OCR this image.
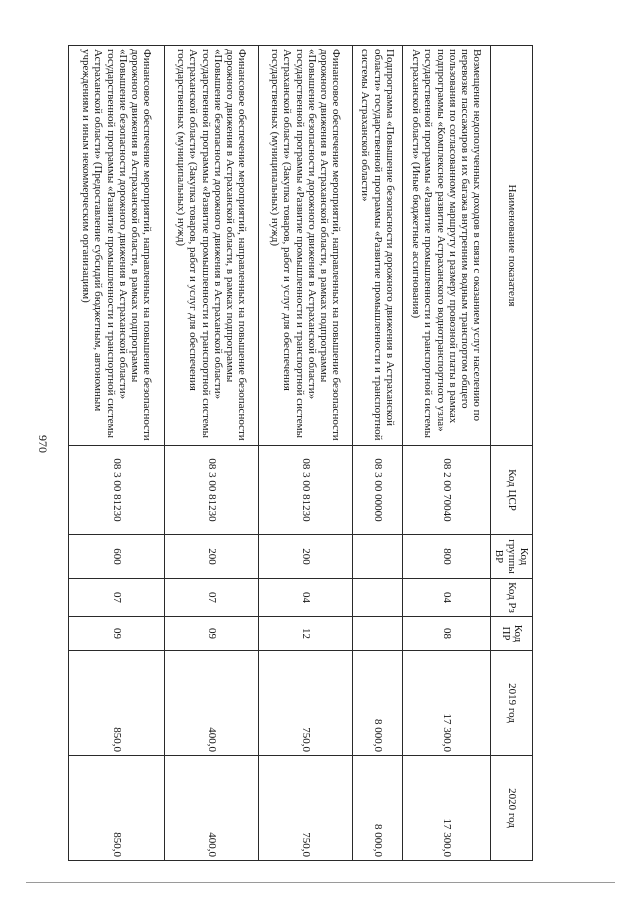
970
Наименование показателя	Код ЦСР	Код группы ВР	Код Рз	Код ПР	2019 год	2020 год
Возмещение недополученных доходов в связи с оказанием услуг населению по перевозке пассажиров и их багажа внутренним водным транспортом общего пользования по согласованному маршруту и размеру провозной платы в рамках подпрограммы «Комплексное развитие Астраханского воднотранспортного узла» государственной программы «Развитие промышленности и транспортной системы Астраханской области» (Иные бюджетные ассигнования)	08 2 00 70040	800	04	08	17 300,0	17 300,0
Подпрограмма «Повышение безопасности дорожного движения в Астраханской области» государственной программы «Развитие промышленности и транспортной системы Астраханской области»	08 3 00 00000				8 000,0	8 000,0
Финансовое обеспечение мероприятий, направленных на повышение безопасности дорожного движения в Астраханской области, в рамках подпрограммы «Повышение безопасности дорожного движения в Астраханской области» государственной программы «Развитие промышленности и транспортной системы Астраханской области» (Закупка товаров, работ и услуг для обеспечения государственных (муниципальных) нужд)	08 3 00 81230	200	04	12	750,0	750,0
Финансовое обеспечение мероприятий, направленных на повышение безопасности дорожного движения в Астраханской области, в рамках подпрограммы «Повышение безопасности дорожного движения в Астраханской области» государственной программы «Развитие промышленности и транспортной системы Астраханской области» (Закупка товаров, работ и услуг для обеспечения государственных (муниципальных) нужд)	08 3 00 81230	200	07	09	400,0	400,0
Финансовое обеспечение мероприятий, направленных на повышение безопасности дорожного движения в Астраханской области, в рамках подпрограммы «Повышение безопасности дорожного движения в Астраханской области» государственной программы «Развитие промышленности и транспортной системы Астраханской области» (Предоставление субсидий бюджетным, автономным учреждениям и иным некоммерческим организациям)	08 3 00 81230	600	07	09	850,0	850,0
